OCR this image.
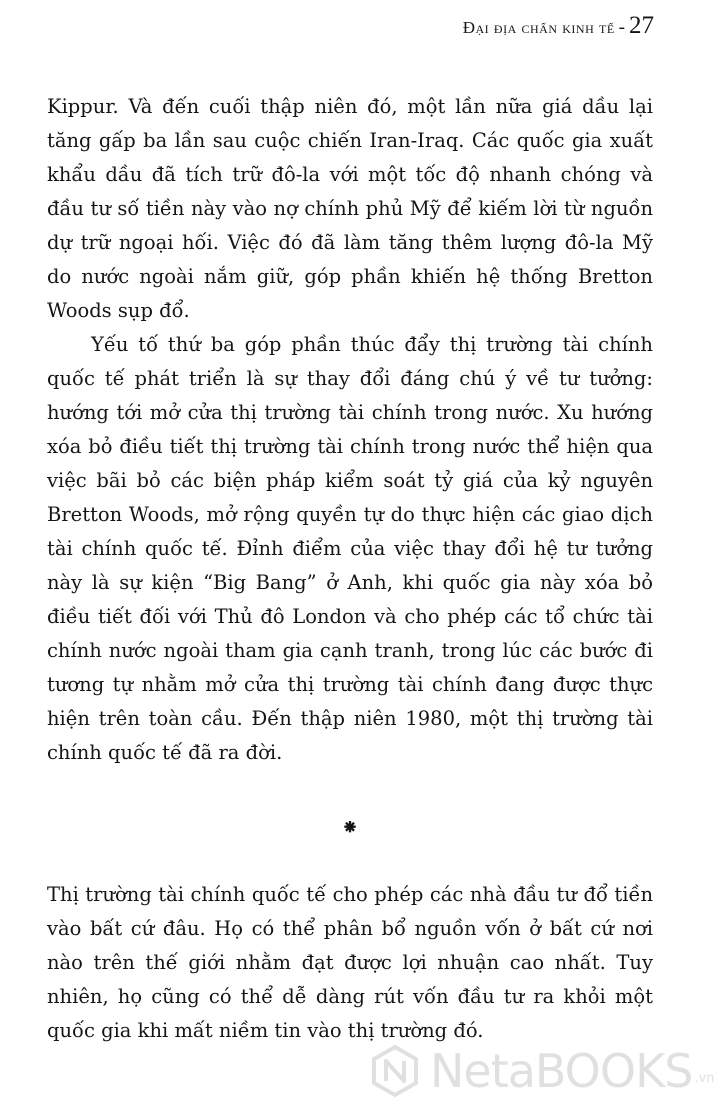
Đại địa chấn kinh tế - 27

Kippur. Và đến cuối thập niên đó, một lần nữa giá dầu lại tăng gấp ba lần sau cuộc chiến Iran-Iraq. Các quốc gia xuất khẩu dầu đã tích trữ đô-la với một tốc độ nhanh chóng và đầu tư số tiền này vào nợ chính phủ Mỹ để kiếm lời từ nguồn dự trữ ngoại hối. Việc đó đã làm tăng thêm lượng đô-la Mỹ do nước ngoài nắm giữ, góp phần khiến hệ thống Bretton Woods sụp đổ.

Yếu tố thứ ba góp phần thúc đẩy thị trường tài chính quốc tế phát triển là sự thay đổi đáng chú ý về tư tưởng: hướng tới mở cửa thị trường tài chính trong nước. Xu hướng xóa bỏ điều tiết thị trường tài chính trong nước thể hiện qua việc bãi bỏ các biện pháp kiểm soát tỷ giá của kỷ nguyên Bretton Woods, mở rộng quyền tự do thực hiện các giao dịch tài chính quốc tế. Đỉnh điểm của việc thay đổi hệ tư tưởng này là sự kiện “Big Bang” ở Anh, khi quốc gia này xóa bỏ điều tiết đối với Thủ đô London và cho phép các tổ chức tài chính nước ngoài tham gia cạnh tranh, trong lúc các bước đi tương tự nhằm mở cửa thị trường tài chính đang được thực hiện trên toàn cầu. Đến thập niên 1980, một thị trường tài chính quốc tế đã ra đời.

⁕

Thị trường tài chính quốc tế cho phép các nhà đầu tư đổ tiền vào bất cứ đâu. Họ có thể phân bổ nguồn vốn ở bất cứ nơi nào trên thế giới nhằm đạt được lợi nhuận cao nhất. Tuy nhiên, họ cũng có thể dễ dàng rút vốn đầu tư ra khỏi một quốc gia khi mất niềm tin vào thị trường đó.

NetaBOOKS .vn
